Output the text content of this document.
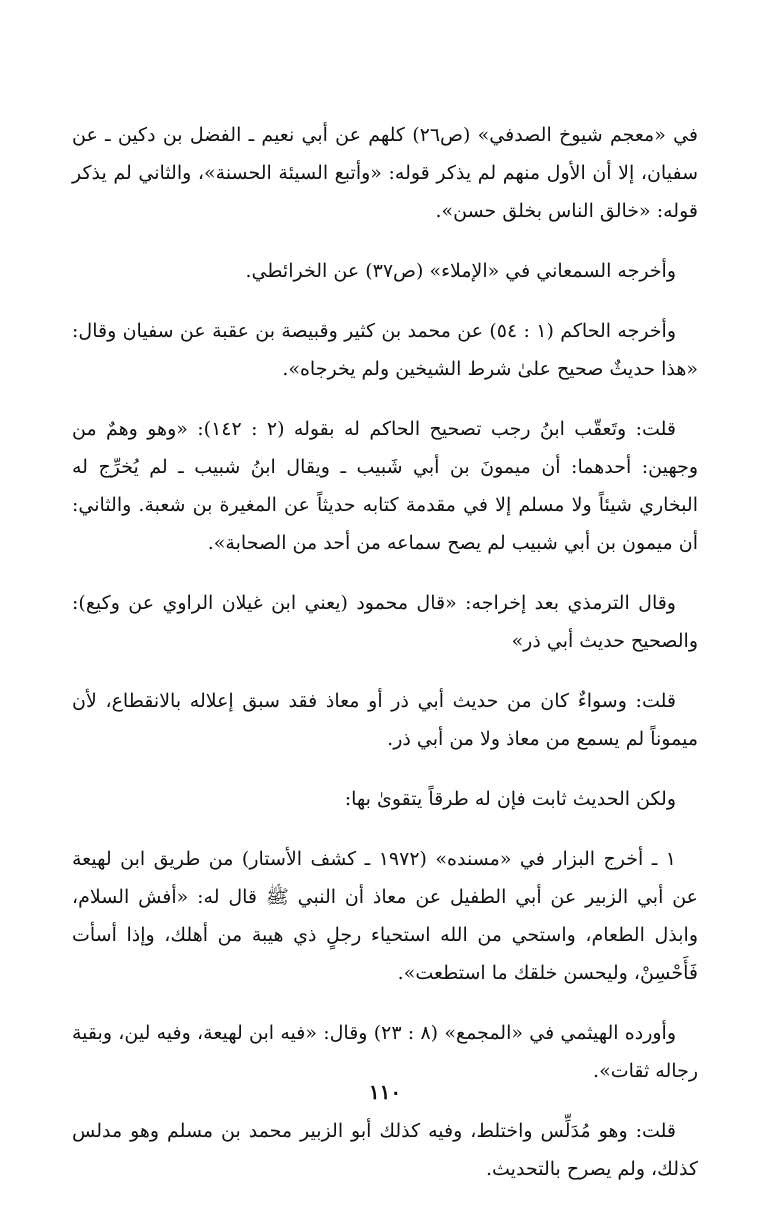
في «معجم شيوخ الصدفي» (ص٢٦) كلهم عن أبي نعيم ـ الفضل بن دكين ـ عن سفيان، إلا أن الأول منهم لم يذكر قوله: «وأتبع السيئة الحسنة»، والثاني لم يذكر قوله: «خالق الناس بخلق حسن».

وأخرجه السمعاني في «الإملاء» (ص٣٧) عن الخرائطي.

وأخرجه الحاكم (١ : ٥٤) عن محمد بن كثير وقبيصة بن عقبة عن سفيان وقال: «هذا حديثٌ صحيح علىٰ شرط الشيخين ولم يخرجاه».

قلت: وتَعقّب ابنُ رجب تصحيح الحاكم له بقوله (٢ : ١٤٢): «وهو وهمٌ من وجهين: أحدهما: أن ميمونَ بن أبي شَبيب ـ ويقال ابنُ شبيب ـ لم يُخرِّج له البخاري شيئاً ولا مسلم إلا في مقدمة كتابه حديثاً عن المغيرة بن شعبة. والثاني: أن ميمون بن أبي شبيب لم يصح سماعه من أحد من الصحابة».

وقال الترمذي بعد إخراجه: «قال محمود (يعني ابن غيلان الراوي عن وكيع): والصحيح حديث أبي ذر»

قلت: وسواءٌ كان من حديث أبي ذر أو معاذ فقد سبق إعلاله بالانقطاع، لأن ميموناً لم يسمع من معاذ ولا من أبي ذر.

ولكن الحديث ثابت فإن له طرقاً يتقوىٰ بها:

١ ـ أخرج البزار في «مسنده» (١٩٧٢ ـ كشف الأستار) من طريق ابن لهيعة عن أبي الزبير عن أبي الطفيل عن معاذ أن النبي ﷺ قال له: «أفش السلام، وابذل الطعام، واستحي من الله استحياء رجلٍ ذي هيبة من أهلك، وإذا أسأت فَأَحْسِنْ، وليحسن خلقك ما استطعت».

وأورده الهيثمي في «المجمع» (٨ : ٢٣) وقال: «فيه ابن لهيعة، وفيه لين، وبقية رجاله ثقات».

قلت: وهو مُدَلِّس واختلط، وفيه كذلك أبو الزبير محمد بن مسلم وهو مدلس كذلك، ولم يصرح بالتحديث.

١١٠
